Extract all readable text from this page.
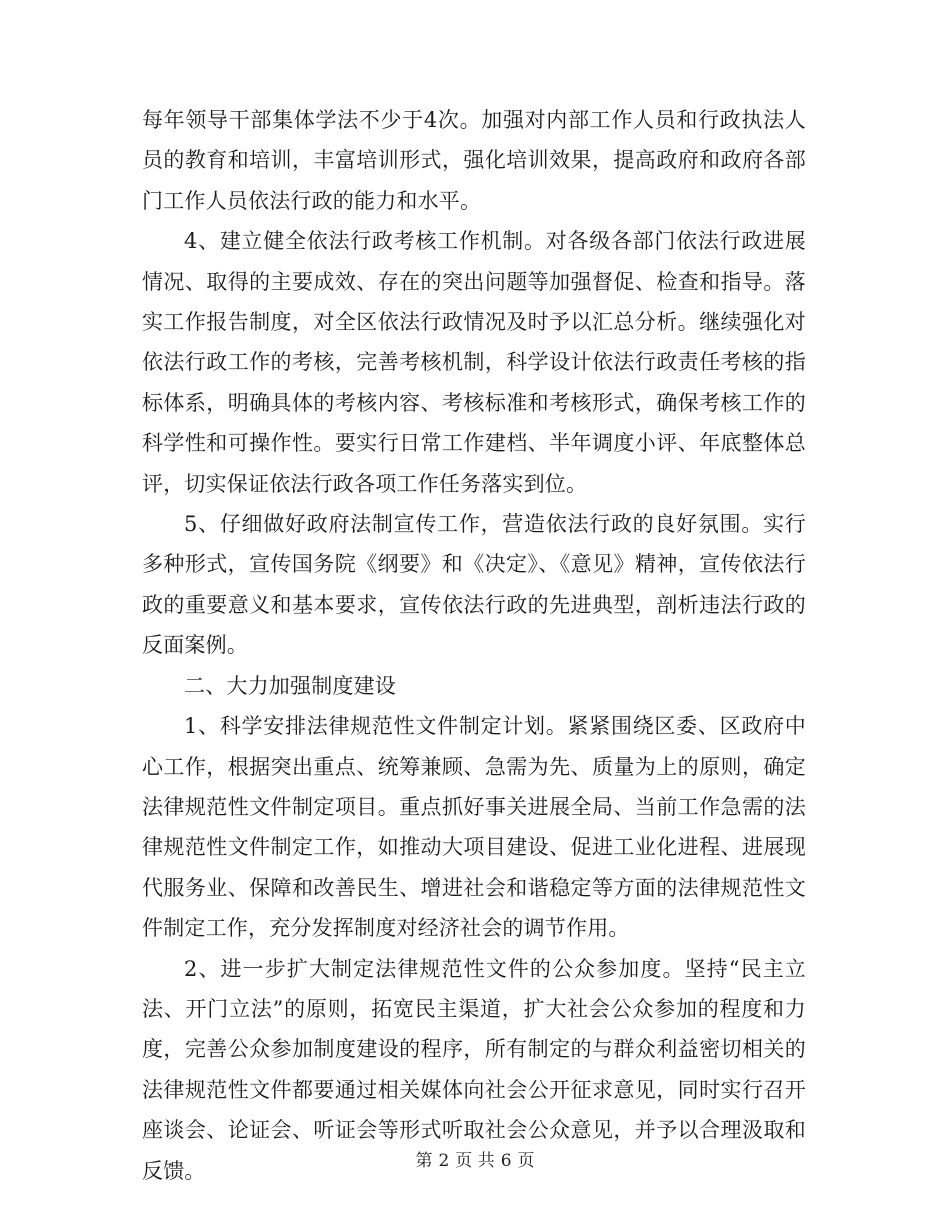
每年领导干部集体学法不少于4次。加强对内部工作人员和行政执法人员的教育和培训，丰富培训形式，强化培训效果，提高政府和政府各部门工作人员依法行政的能力和水平。

4、建立健全依法行政考核工作机制。对各级各部门依法行政进展情况、取得的主要成效、存在的突出问题等加强督促、检查和指导。落实工作报告制度，对全区依法行政情况及时予以汇总分析。继续强化对依法行政工作的考核，完善考核机制，科学设计依法行政责任考核的指标体系，明确具体的考核内容、考核标准和考核形式，确保考核工作的科学性和可操作性。要实行日常工作建档、半年调度小评、年底整体总评，切实保证依法行政各项工作任务落实到位。

5、仔细做好政府法制宣传工作，营造依法行政的良好氛围。实行多种形式，宣传国务院《纲要》和《决定》、《意见》精神，宣传依法行政的重要意义和基本要求，宣传依法行政的先进典型，剖析违法行政的反面案例。

二、大力加强制度建设

1、科学安排法律规范性文件制定计划。紧紧围绕区委、区政府中心工作，根据突出重点、统筹兼顾、急需为先、质量为上的原则，确定法律规范性文件制定项目。重点抓好事关进展全局、当前工作急需的法律规范性文件制定工作，如推动大项目建设、促进工业化进程、进展现代服务业、保障和改善民生、增进社会和谐稳定等方面的法律规范性文件制定工作，充分发挥制度对经济社会的调节作用。

2、进一步扩大制定法律规范性文件的公众参加度。坚持“民主立法、开门立法”的原则，拓宽民主渠道，扩大社会公众参加的程度和力度，完善公众参加制度建设的程序，所有制定的与群众利益密切相关的法律规范性文件都要通过相关媒体向社会公开征求意见，同时实行召开座谈会、论证会、听证会等形式听取社会公众意见，并予以合理汲取和反馈。	第 2 页 共 6 页
